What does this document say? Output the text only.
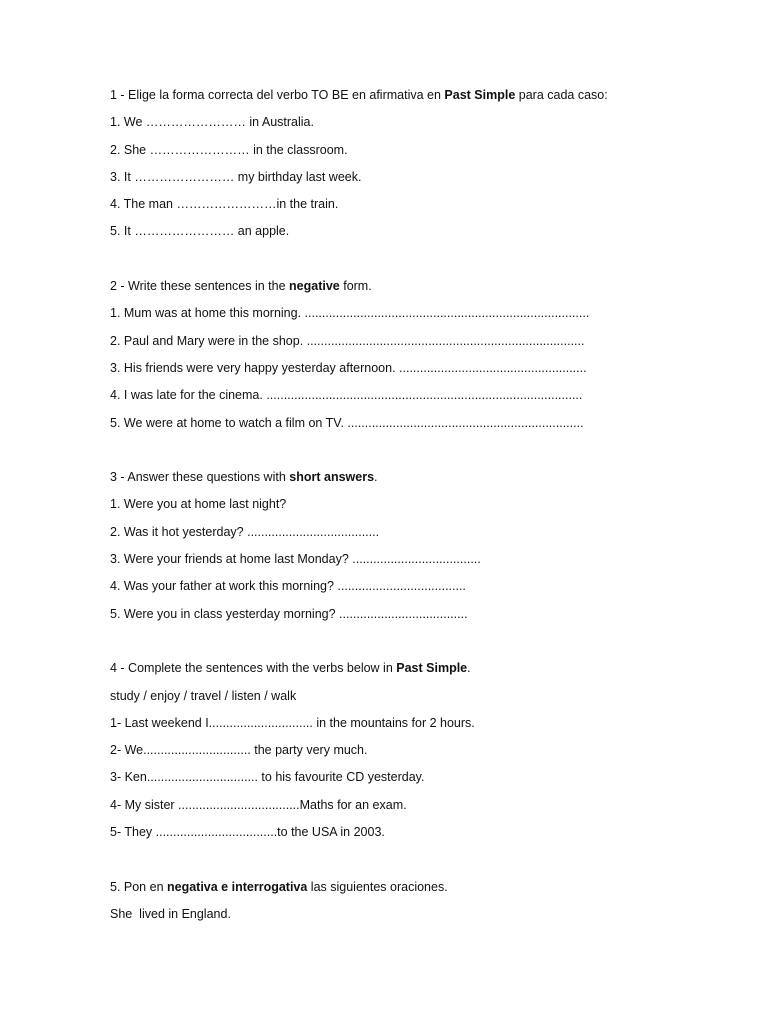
1 - Elige la forma correcta del verbo TO BE en afirmativa en Past Simple para cada caso:
1. We …………………… in Australia.
2. She …………………… in the classroom.
3. It …………………… my birthday last week.
4. The man ……………………in the train.
5. It …………………… an apple.
2 - Write these sentences in the negative form.
1. Mum was at home this morning. ..................................................................................
2. Paul and Mary were in the shop. ................................................................................
3. His friends were very happy yesterday afternoon. ......................................................
4. I was late for the cinema. ...........................................................................................
5. We were at home to watch a film on TV. ....................................................................
3 - Answer these questions with short answers.
1. Were you at home last night?
2. Was it hot yesterday? ......................................
3. Were your friends at home last Monday? .....................................
4. Was your father at work this morning? .....................................
5. Were you in class yesterday morning? .....................................
4 - Complete the sentences with the verbs below in Past Simple.
study / enjoy / travel / listen / walk
1- Last weekend I.............................. in the mountains for 2 hours.
2- We............................... the party very much.
3- Ken................................ to his favourite CD yesterday.
4- My sister ...................................Maths for an exam.
5- They ...................................to the USA in 2003.
5. Pon en negativa e interrogativa las siguientes oraciones.
She  lived in England.
